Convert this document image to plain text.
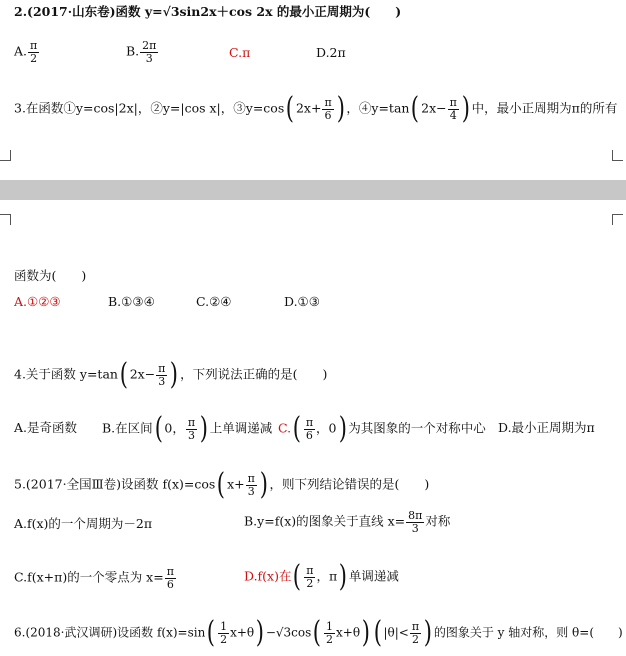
2.(2017·山东卷)函数 y=√3sin2x＋cos 2x 的最小正周期为(　　)
A. $\frac{\pi}{2}$	B. $\frac{2\pi}{3}$	C.π	D.2π
3.在函数①y=cos|2x|，②y=|cos x|，③y=cos( $2x+ \frac{\pi}{6}$ ) ，④y=tan( $2x- \frac{\pi}{4}$ ) 中，最小正周期为π的所有
函数为(　　)
A.①②③	B.①③④	C.②④	D.①③
4.关于函数 y=tan( $2x- \frac{\pi}{3}$ ) ，下列说法正确的是(　　)
A.是奇函数 B.在区间( 0， $\frac{\pi}{3}$ ) 上单调递减 $C.( \frac{\pi}{6}$ ，0) 为其图象的一个对称中心 D.最小正周期为π
5.(2017·全国Ⅲ卷)设函数 f(x)=cos( $x+ \frac{\pi}{3}$ ) ，则下列结论错误的是(　　)
A.f(x)的一个周期为－2π	B.y=f(x)的图象关于直线 $x= \frac{8\pi}{3}$ 对称
C.f(x+π)的一个零点为 $x= \frac{\pi}{6}$	D.f(x)在( $\frac{\pi}{2}$ ，π) 单调递减
6.(2018·武汉调研)设函数 $f(x)=\sin( \frac{1}{2} x+\theta) -√3\cos( \frac{1}{2} x+\theta)$ ( $|\theta|< \frac{\pi}{2}$ ) 的图象关于 y 轴对称，则 θ=(　　)
